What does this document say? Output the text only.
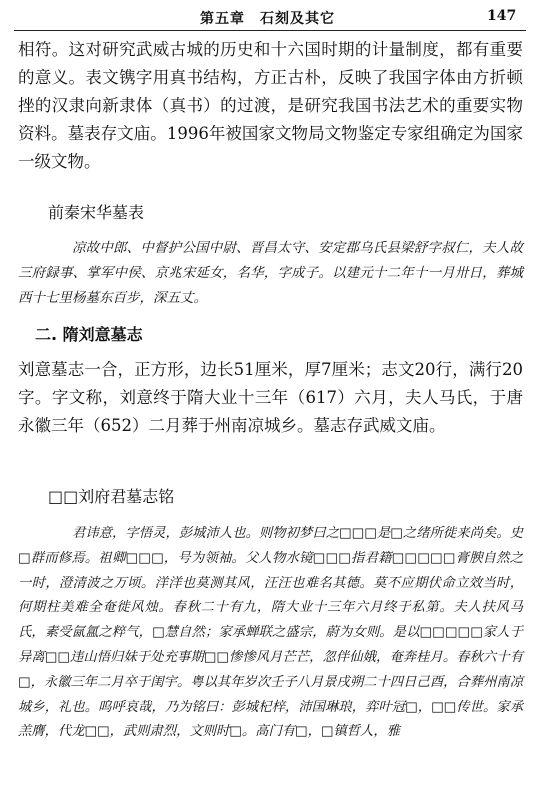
第五章　石刻及其它	147

相符。这对研究武威古城的历史和十六国时期的计量制度，都有重要的意义。表文镌字用真书结构，方正古朴，反映了我国字体由方折顿挫的汉隶向新隶体（真书）的过渡，是研究我国书法艺术的重要实物资料。墓表存文庙。1996年被国家文物局文物鉴定专家组确定为国家一级文物。

前秦宋华墓表

凉故中郎、中督护公国中尉、晋昌太守、安定郡乌氏县梁舒字叔仁，夫人故三府録事、掌军中侯、京兆宋延女，名华，字成子。以建元十二年十一月卅日，葬城西十七里杨墓东百步，深五丈。

二. 隋刘意墓志

刘意墓志一合，正方形，边长51厘米，厚7厘米；志文20行，满行20字。字文称，刘意终于隋大业十三年（617）六月，夫人马氏，于唐永徽三年（652）二月葬于州南凉城乡。墓志存武威文庙。

□□刘府君墓志铭

君讳意，字悟灵，彭城沛人也。则物初梦曰之□□□是□之绪所徙来尚矣。史□群而修焉。祖卿□□□，号为领袖。父人物水镜□□□指君籍□□□□□膏腴自然之一时，澄清波之万顷。洋洋也莫测其风，汪汪也难名其德。莫不应期伏命立效当时，何期柱美难全奄徙风烛。春秋二十有九，隋大业十三年六月终于私第。夫人扶风马氏，素受氤氲之粹气，□慧自然；家承蝉联之盛宗，蔚为女则。是以□□□□□家人于异离□□违山悟归妹于处充事期□□惨惨风月芒芒，忽伴仙娥，奄奔桂月。春秋六十有□，永徽三年二月卒于闺宇。粤以其年岁次壬子八月景戌朔二十四日己酉，合葬州南凉城乡，礼也。呜呼哀哉，乃为铭曰：彭城杞梓，沛国琳琅，弈叶冠□，□□传世。家承羔膺，代龙□□，武则肃烈，文则时□。高门有□，□镇哲人，雅
